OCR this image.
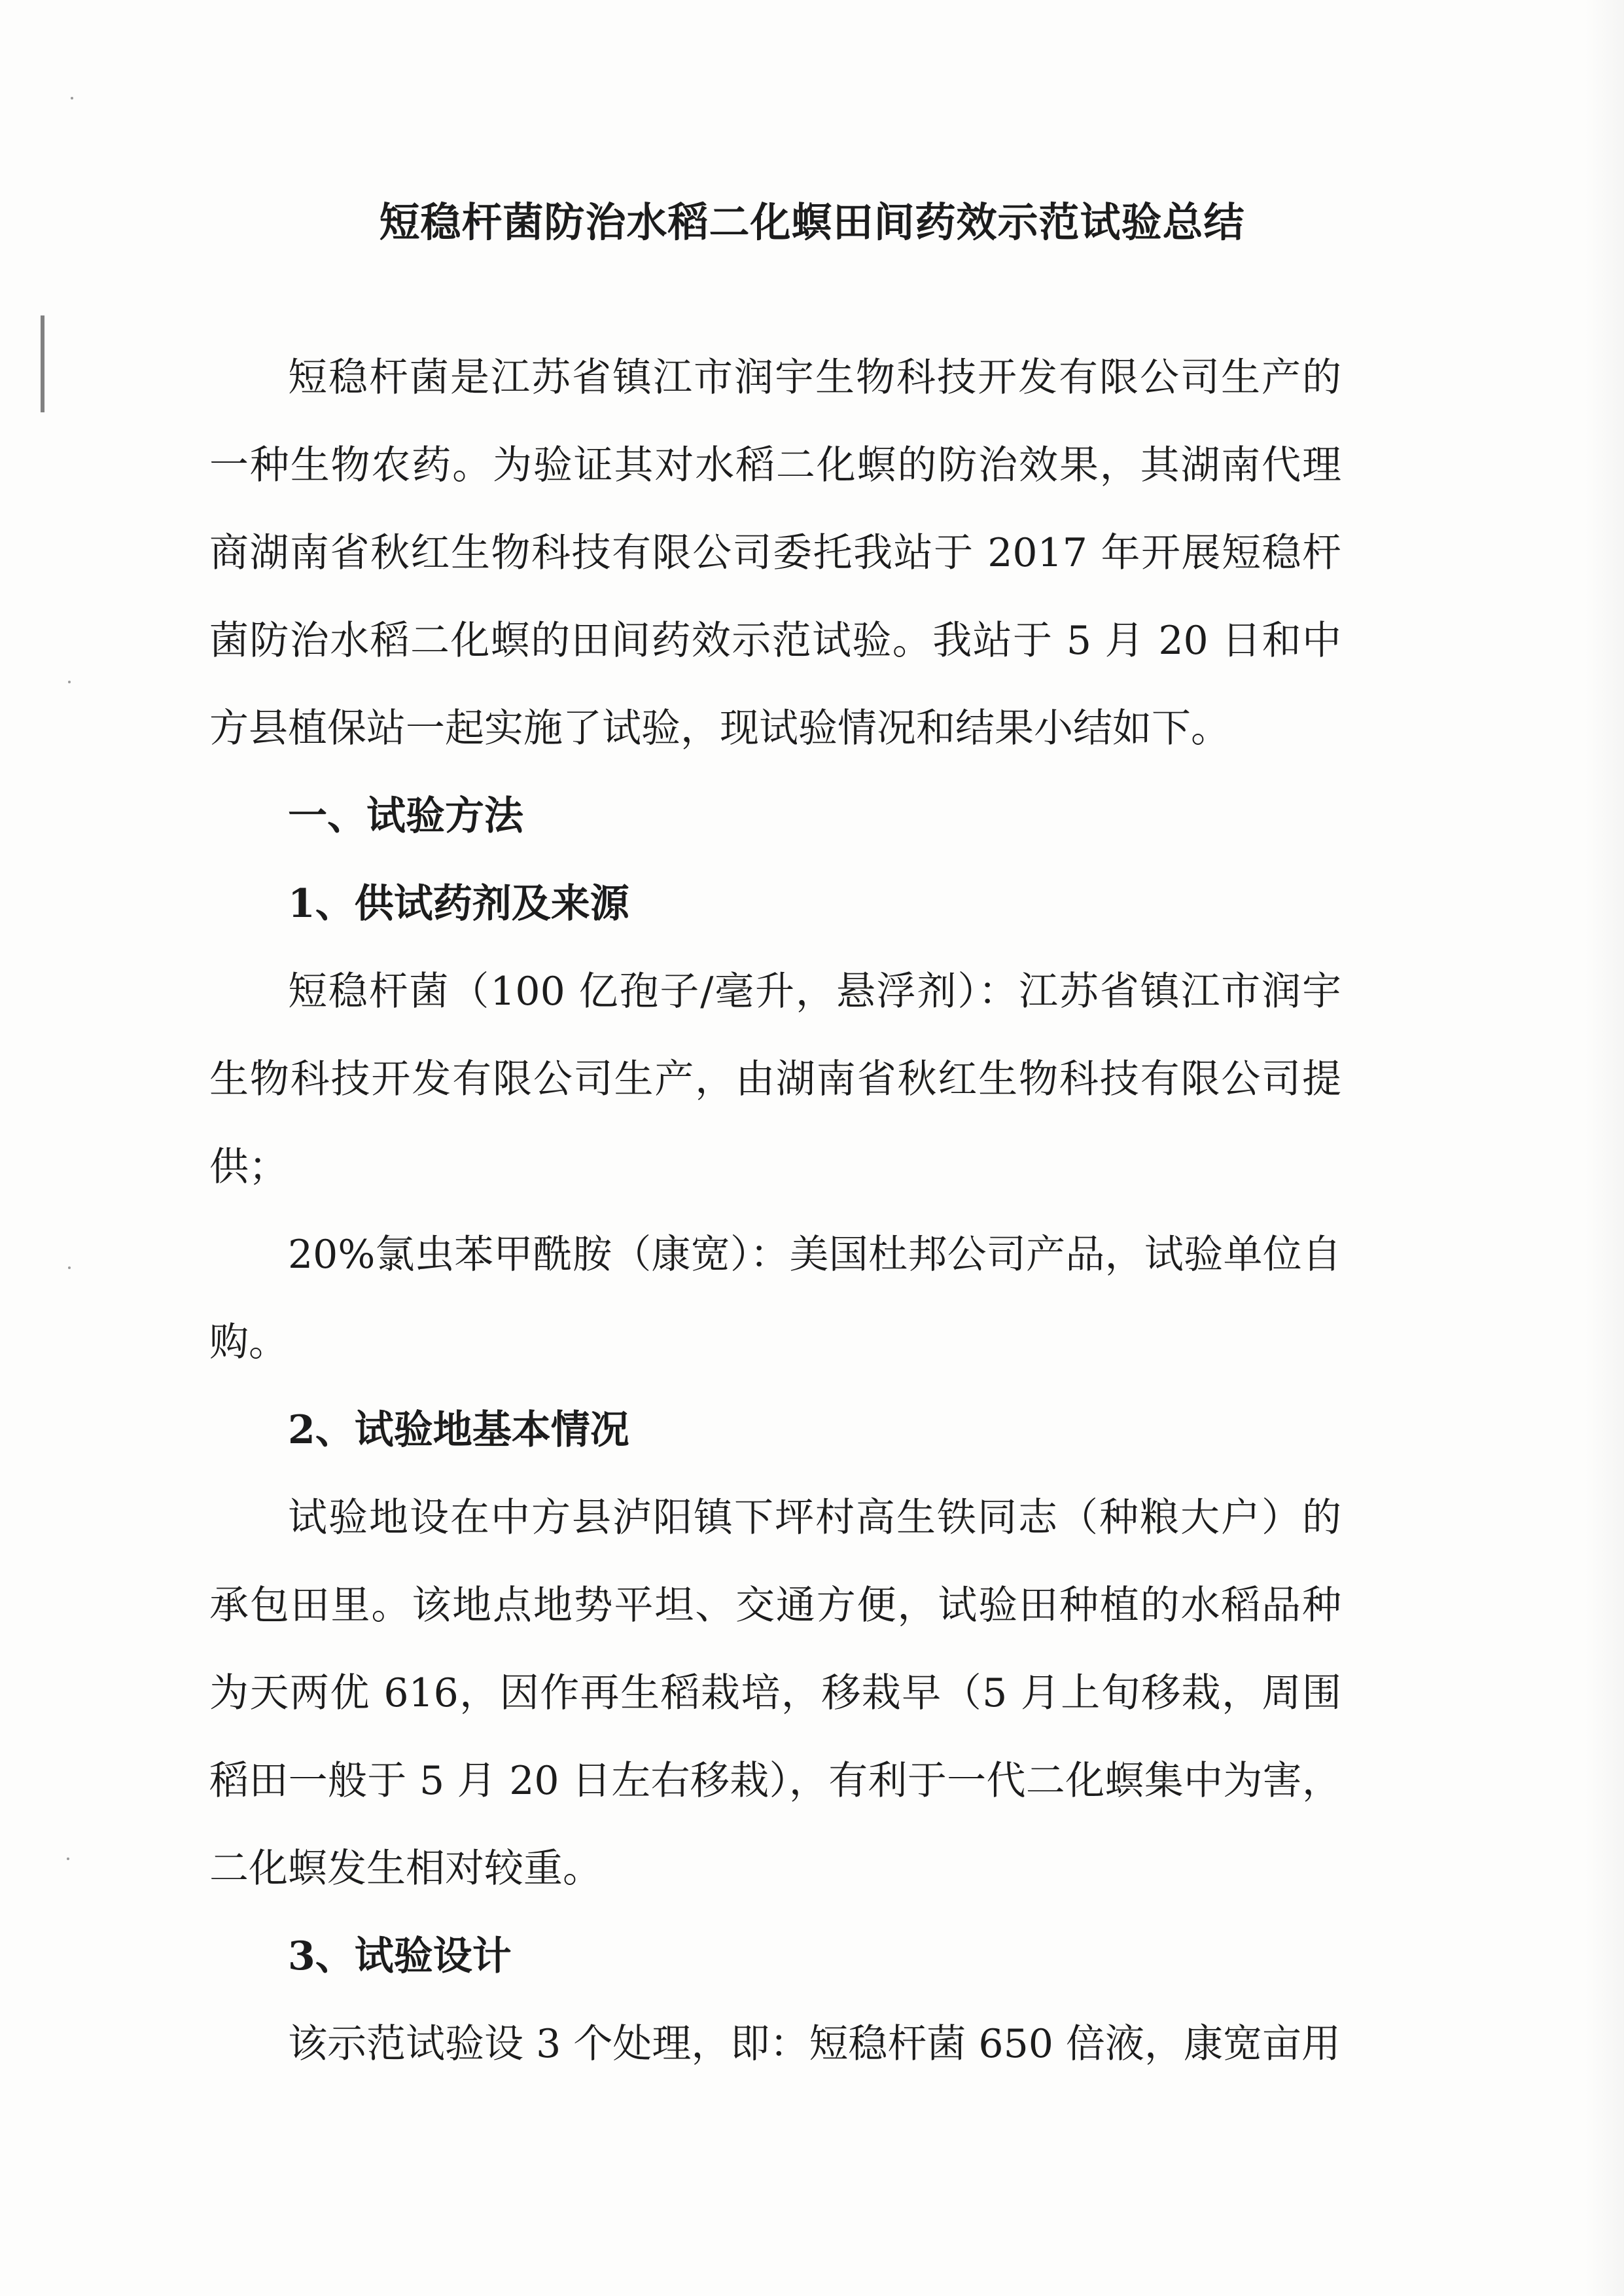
短稳杆菌防治水稻二化螟田间药效示范试验总结

短稳杆菌是江苏省镇江市润宇生物科技开发有限公司生产的一种生物农药。为验证其对水稻二化螟的防治效果，其湖南代理商湖南省秋红生物科技有限公司委托我站于 2017 年开展短稳杆菌防治水稻二化螟的田间药效示范试验。我站于 5 月 20 日和中方县植保站一起实施了试验，现试验情况和结果小结如下。

一、试验方法

1、供试药剂及来源

短稳杆菌（100 亿孢子/毫升，悬浮剂）：江苏省镇江市润宇生物科技开发有限公司生产，由湖南省秋红生物科技有限公司提供；

20%氯虫苯甲酰胺（康宽）：美国杜邦公司产品，试验单位自购。

2、试验地基本情况

试验地设在中方县泸阳镇下坪村高生铁同志（种粮大户）的承包田里。该地点地势平坦、交通方便，试验田种植的水稻品种为天两优 616，因作再生稻栽培，移栽早（5 月上旬移栽，周围稻田一般于 5 月 20 日左右移栽），有利于一代二化螟集中为害，二化螟发生相对较重。

3、试验设计

该示范试验设 3 个处理，即：短稳杆菌 650 倍液，康宽亩用
